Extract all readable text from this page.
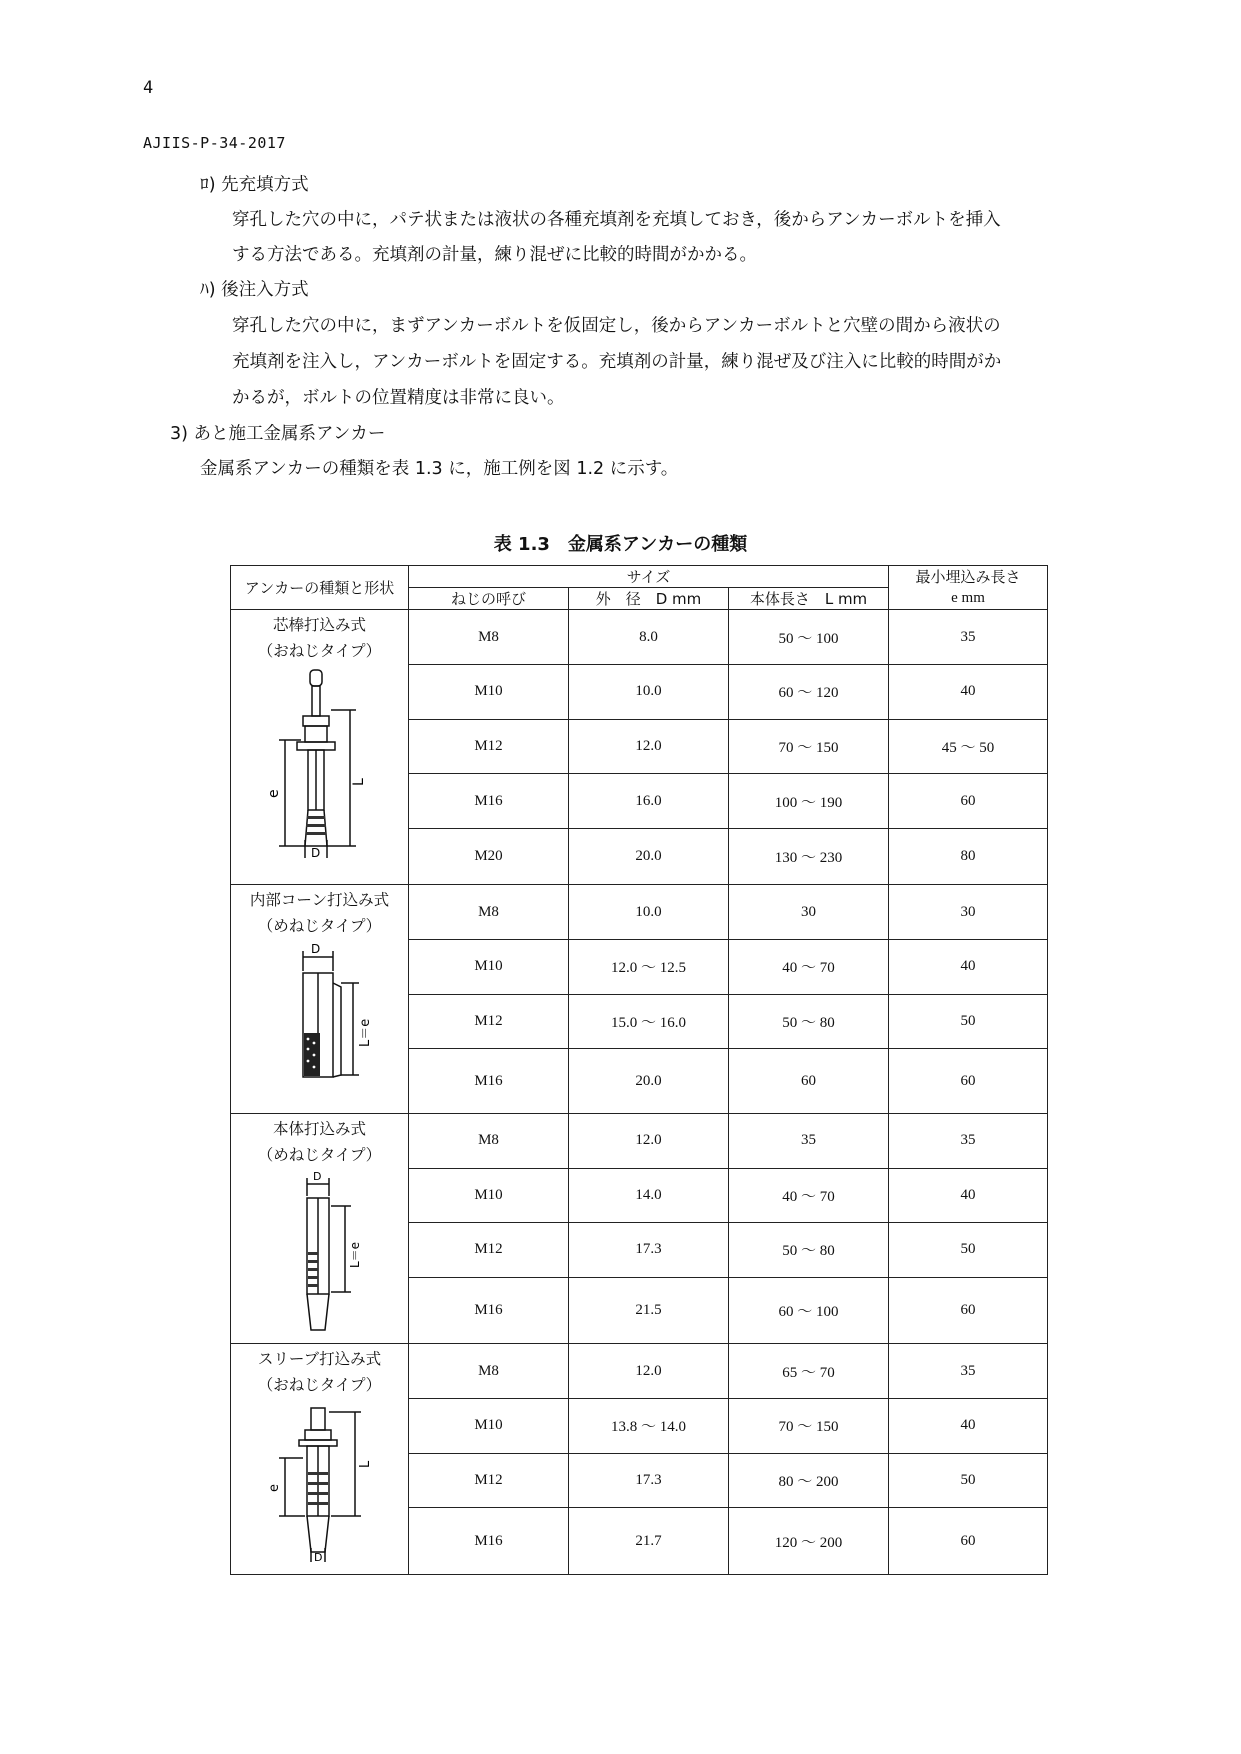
4
AJIIS-P-34-2017
ﾛ) 先充填方式
穿孔した穴の中に，パテ状または液状の各種充填剤を充填しておき，後からアンカーボルトを挿入
する方法である。充填剤の計量，練り混ぜに比較的時間がかかる。
ﾊ) 後注入方式
穿孔した穴の中に，まずアンカーボルトを仮固定し，後からアンカーボルトと穴壁の間から液状の
充填剤を注入し，アンカーボルトを固定する。充填剤の計量，練り混ぜ及び注入に比較的時間がか
かるが，ボルトの位置精度は非常に良い。
3) あと施工金属系アンカー
金属系アンカーの種類を表 1.3 に，施工例を図 1.2 に示す。
表 1.3　金属系アンカーの種類
アンカーの種類と形状	サイズ			最小埋込み長さ
	ねじの呼び	外　径　D mm	本体長さ　L mm	e mm

芯棒打込み式
（おねじタイプ）
e
L
D	M8	8.0	50 ～ 100	35
	M10	10.0	60 ～ 120	40
	M12	12.0	70 ～ 150	45 ～ 50
	M16	16.0	100 ～ 190	60
	M20	20.0	130 ～ 230	80

内部コーン打込み式
（めねじタイプ）
D
L＝e	M8	10.0	30	30
	M10	12.0 ～ 12.5	40 ～ 70	40
	M12	15.0 ～ 16.0	50 ～ 80	50
	M16	20.0	60	60

本体打込み式
（めねじタイプ）
D
L＝e	M8	12.0	35	35
	M10	14.0	40 ～ 70	40
	M12	17.3	50 ～ 80	50
	M16	21.5	60 ～ 100	60

スリーブ打込み式
（おねじタイプ）
e
L
D	M8	12.0	65 ～ 70	35
	M10	13.8 ～ 14.0	70 ～ 150	40
	M12	17.3	80 ～ 200	50
	M16	21.7	120 ～ 200	60
